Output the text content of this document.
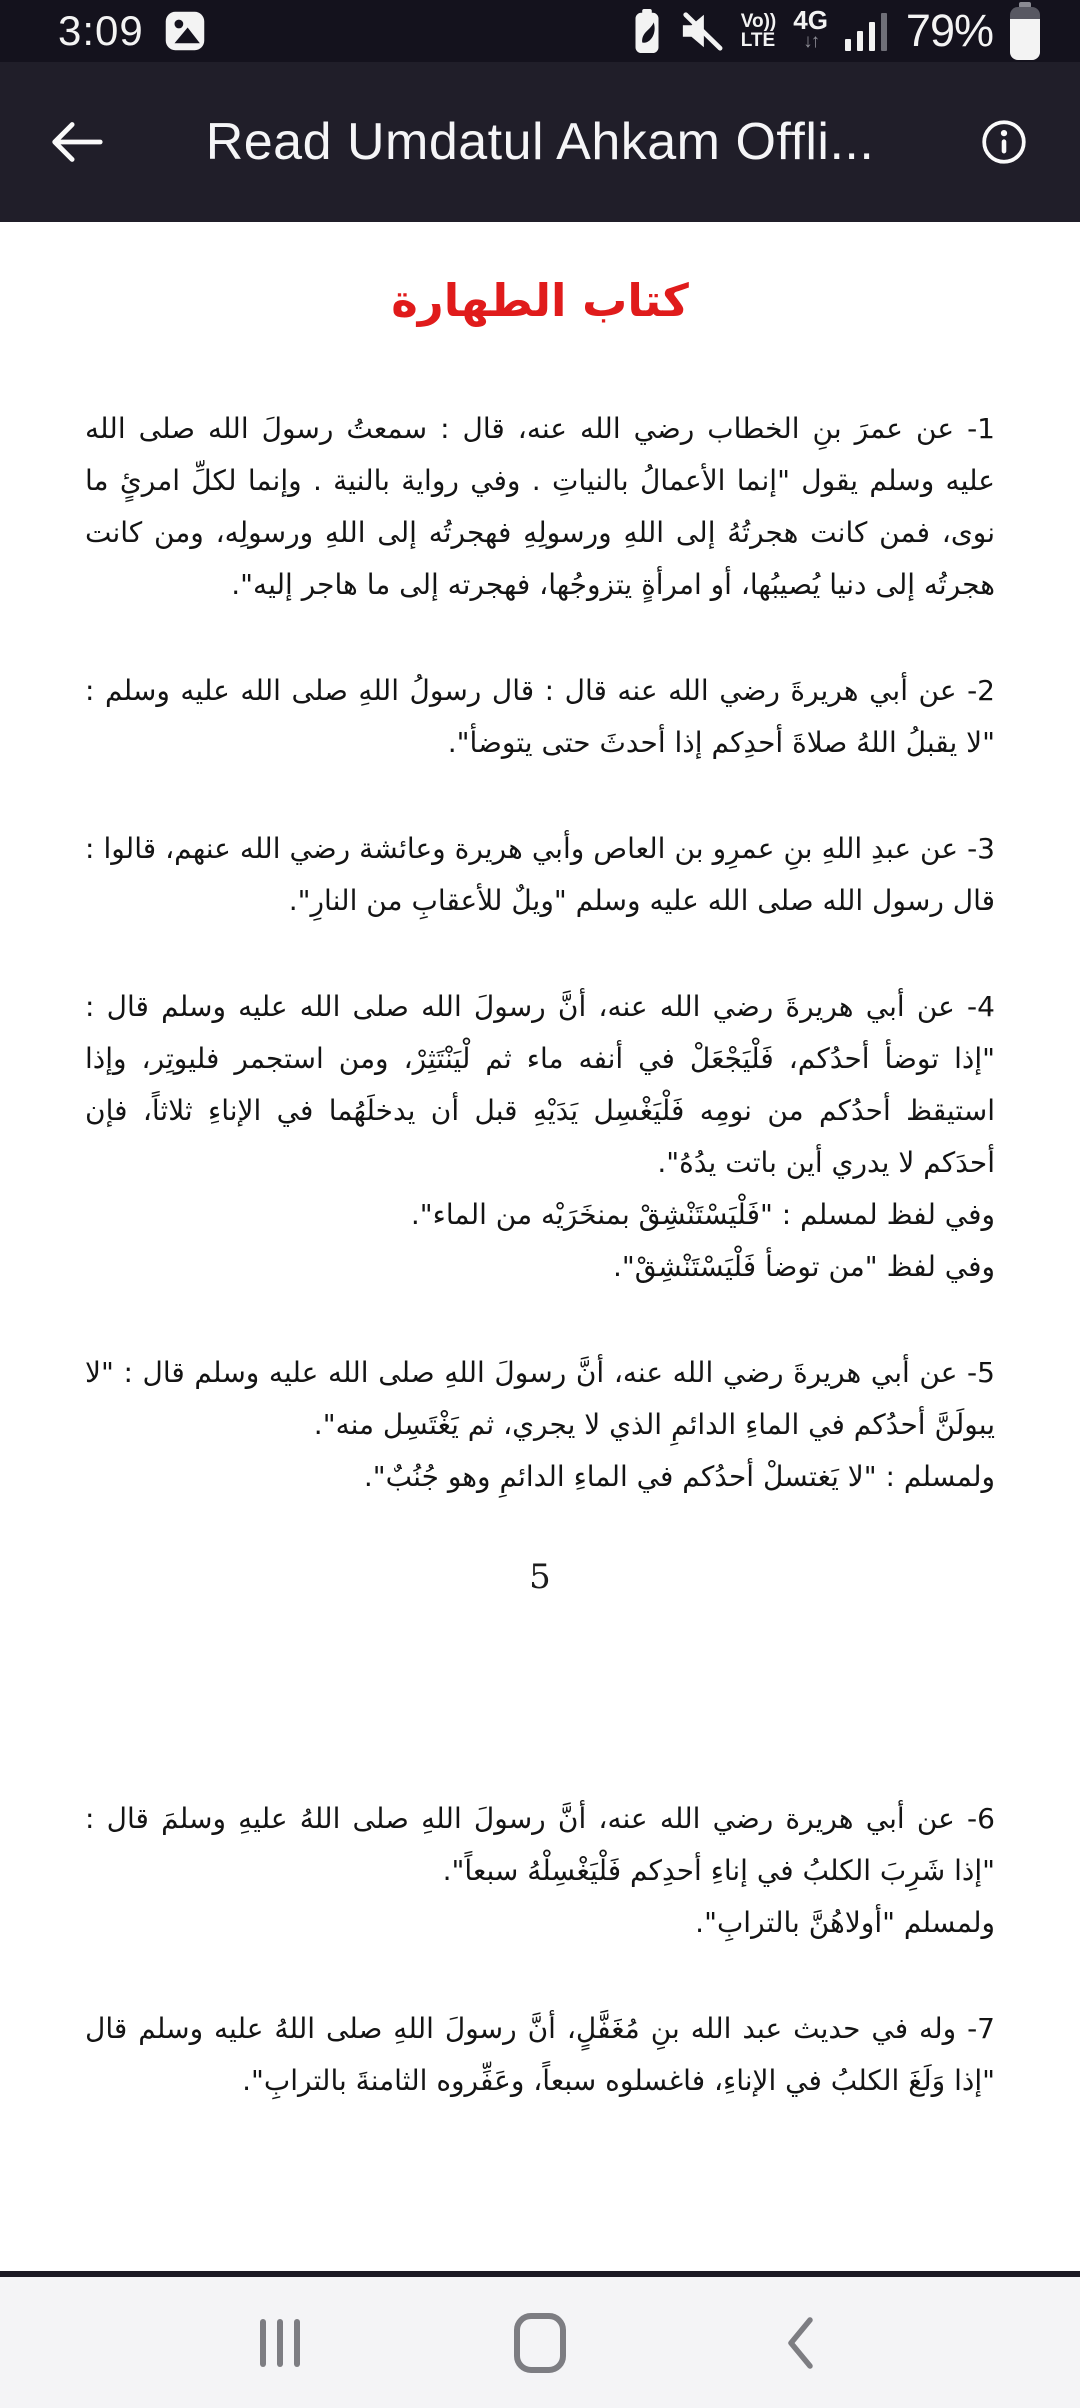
3:09	Vo))
LTE
4G
↓↑ 79%
Read Umdatul Ahkam Offli...
كتاب الطهارة

1- عن عمرَ بنِ الخطاب رضي الله عنه، قال : سمعتُ رسولَ الله صلى الله عليه وسلم يقول "إنما الأعمالُ بالنياتِ . وفي رواية بالنية . وإنما لكلِّ امرئٍ ما نوى، فمن كانت هجرتُهُ إلى اللهِ ورسولِهِ فهجرتُه إلى اللهِ ورسولِه، ومن كانت هجرتُه إلى دنيا يُصيبُها، أو امرأةٍ يتزوجُها، فهجرته إلى ما هاجر إليه".

2- عن أبي هريرةَ رضي الله عنه قال : قال رسولُ اللهِ صلى الله عليه وسلم : "لا يقبلُ اللهُ صلاةَ أحدِكم إذا أحدثَ حتى يتوضأ".

3- عن عبدِ اللهِ بنِ عمرِو بن العاص وأبي هريرة وعائشة رضي الله عنهم، قالوا : قال رسول الله صلى الله عليه وسلم "ويلٌ للأعقابِ من النارِ".

4- عن أبي هريرةَ رضي الله عنه، أنَّ رسولَ الله صلى الله عليه وسلم قال : "إذا توضأ أحدُكم، فَلْيَجْعَلْ في أنفه ماء ثم لْيَنْتَثِرْ، ومن استجمر فليوتِر، وإذا استيقظ أحدُكم من نومِه فَلْيَغْسِل يَدَيْهِ قبل أن يدخلَهُما في الإناءِ ثلاثاً، فإن أحدَكم لا يدري أين باتت يدُهُ".

وفي لفظ لمسلم : "فَلْيَسْتَنْشِقْ بمنخَرَيْه من الماء".

وفي لفظ "من توضأ فَلْيَسْتَنْشِقْ".

5- عن أبي هريرةَ رضي الله عنه، أنَّ رسولَ اللهِ صلى الله عليه وسلم قال : "لا يبولَنَّ أحدُكم في الماءِ الدائمِ الذي لا يجري، ثم يَغْتَسِل منه".

ولمسلم : "لا يَغتسلْ أحدُكم في الماءِ الدائمِ وهو جُنُبٌ".

5

6- عن أبي هريرة رضي الله عنه، أنَّ رسولَ اللهِ صلى اللهُ عليهِ وسلمَ قال : "إذا شَرِبَ الكلبُ في إناءِ أحدِكم فَلْيَغْسِلْهُ سبعاً".

ولمسلم "أولاهُنَّ بالترابِ".

7- وله في حديث عبد الله بنِ مُغَفَّلٍ، أنَّ رسولَ اللهِ صلى اللهُ عليه وسلم قال "إذا وَلَغَ الكلبُ في الإناءِ، فاغسلوه سبعاً، وعَفِّروه الثامنةَ بالترابِ".
